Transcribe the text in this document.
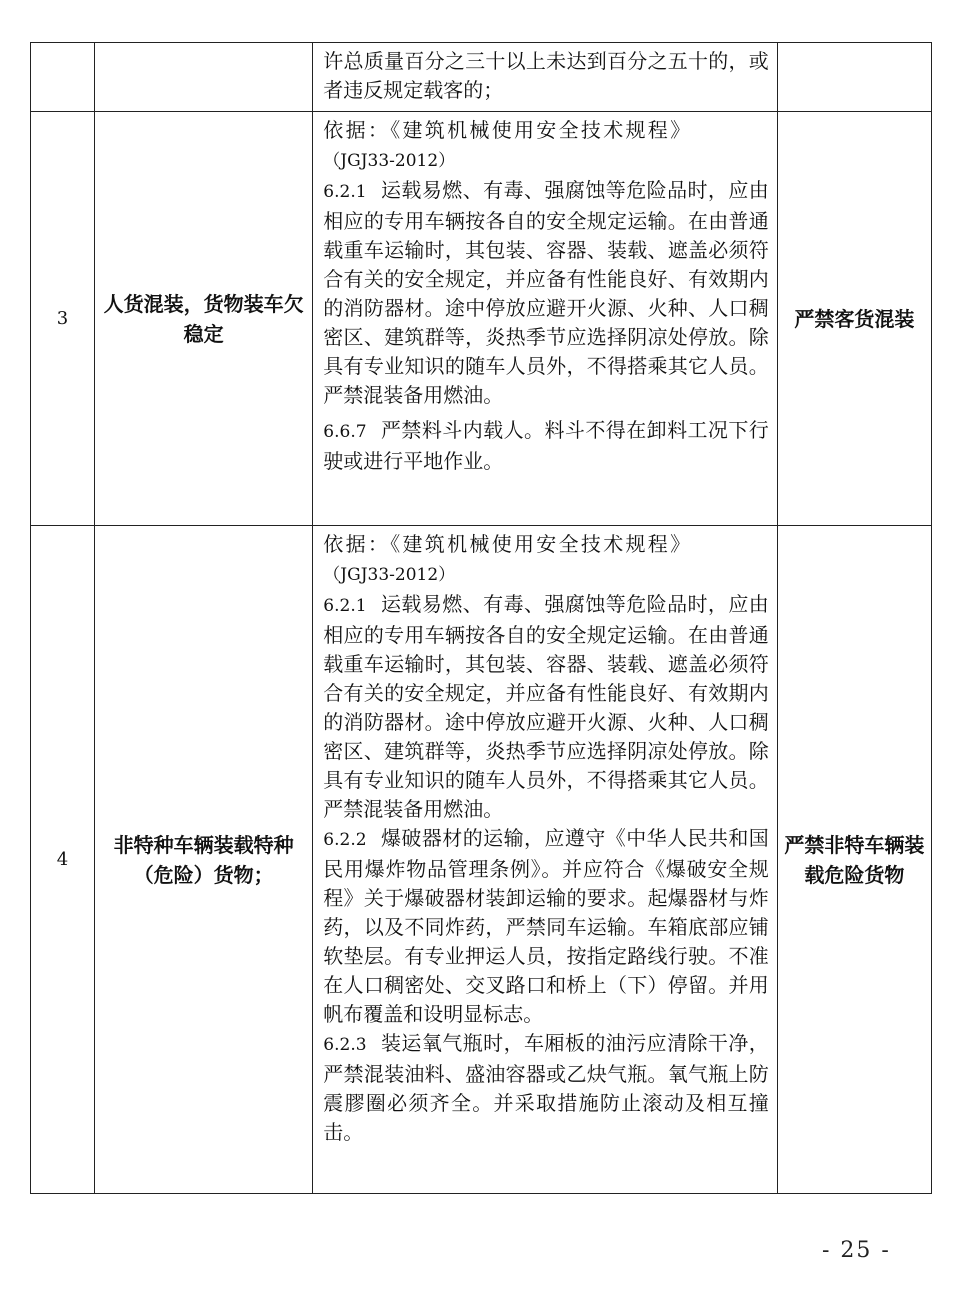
		许总质量百分之三十以上未达到百分之五十的，或者违反规定载客的；	

3	人货混装，货物装车欠稳定	依据：《建筑机械使用安全技术规程》

（JGJ33-2012）

6.2.1 运载易燃、有毒、强腐蚀等危险品时，应由相应的专用车辆按各自的安全规定运输。在由普通载重车运输时，其包装、容器、装载、遮盖必须符合有关的安全规定，并应备有性能良好、有效期内的消防器材。途中停放应避开火源、火种、人口稠密区、建筑群等，炎热季节应选择阴凉处停放。除具有专业知识的随车人员外，不得搭乘其它人员。严禁混装备用燃油。

6.6.7 严禁料斗内载人。料斗不得在卸料工况下行驶或进行平地作业。	严禁客货混装
4	非特种车辆装载特种（危险）货物；	依据：《建筑机械使用安全技术规程》

（JGJ33-2012）

6.2.1 运载易燃、有毒、强腐蚀等危险品时，应由相应的专用车辆按各自的安全规定运输。在由普通载重车运输时，其包装、容器、装载、遮盖必须符合有关的安全规定，并应备有性能良好、有效期内的消防器材。途中停放应避开火源、火种、人口稠密区、建筑群等，炎热季节应选择阴凉处停放。除具有专业知识的随车人员外，不得搭乘其它人员。严禁混装备用燃油。

6.2.2 爆破器材的运输，应遵守《中华人民共和国民用爆炸物品管理条例》。并应符合《爆破安全规程》关于爆破器材装卸运输的要求。起爆器材与炸药，以及不同炸药，严禁同车运输。车箱底部应铺软垫层。有专业押运人员，按指定路线行驶。不准在人口稠密处、交叉路口和桥上（下）停留。并用帆布覆盖和设明显标志。

6.2.3 装运氧气瓶时，车厢板的油污应清除干净，严禁混装油料、盛油容器或乙炔气瓶。氧气瓶上防震膠圈必须齐全。并采取措施防止滚动及相互撞击。	严禁非特车辆装载危险货物
- 25 -
